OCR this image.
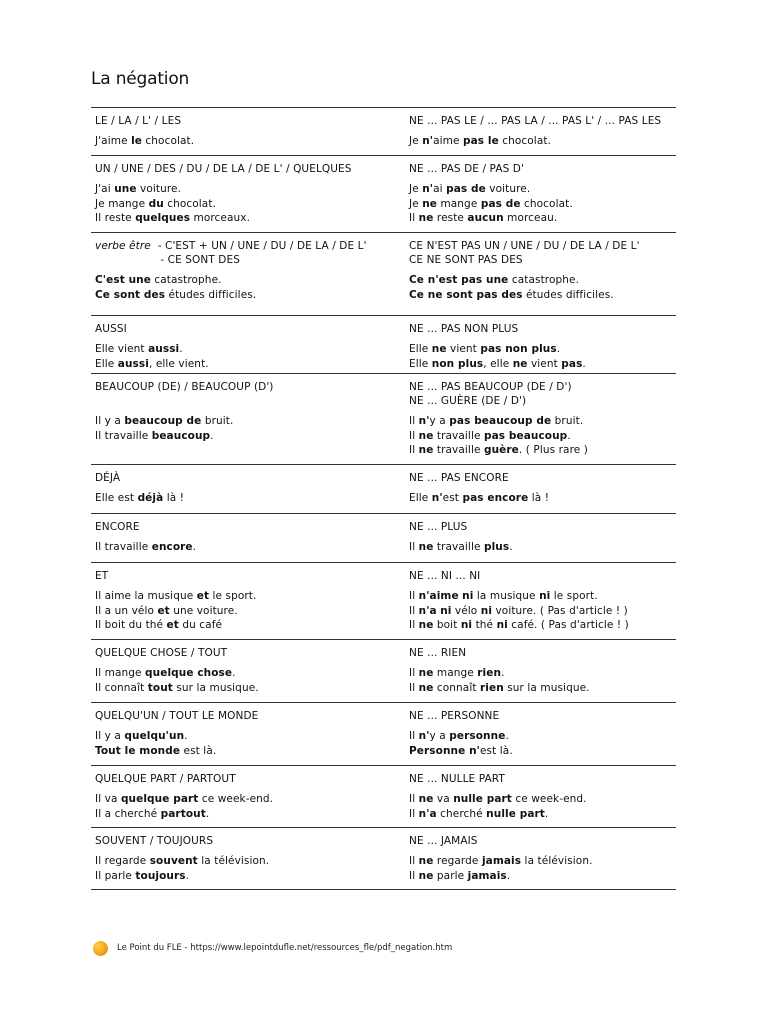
La négation
LE / LA / L' / LES
J'aime le chocolat.
NE ... PAS LE / ... PAS LA / ... PAS L' / ... PAS LES
Je n'aime pas le chocolat.
UN / UNE / DES / DU / DE LA / DE L' / QUELQUES
J'ai une voiture.
Je mange du chocolat.
Il reste quelques morceaux.
NE ... PAS DE / PAS D'
Je n'ai pas de voiture.
Je ne mange pas de chocolat.
Il ne reste aucun morceau.
verbe être  - C'EST + UN / UNE / DU / DE LA / DE L'
- CE SONT DES
C'est une catastrophe.
Ce sont des études difficiles.
CE N'EST PAS UN / UNE / DU / DE LA / DE L'
CE NE SONT PAS DES
Ce n'est pas une catastrophe.
Ce ne sont pas des études difficiles.
AUSSI
Elle vient aussi.
Elle aussi, elle vient.
NE ... PAS NON PLUS
Elle ne vient pas non plus.
Elle non plus, elle ne vient pas.
BEAUCOUP (DE) / BEAUCOUP (D')

Il y a beaucoup de bruit.
Il travaille beaucoup.
NE ... PAS BEAUCOUP (DE / D')
NE ... GUÈRE (DE / D')
Il n'y a pas beaucoup de bruit.
Il ne travaille pas beaucoup.
Il ne travaille guère. ( Plus rare )
DÉJÀ
Elle est déjà là !
NE ... PAS ENCORE
Elle n'est pas encore là !
ENCORE
Il travaille encore.
NE ... PLUS
Il ne travaille plus.
ET
Il aime la musique et le sport.
Il a un vélo et une voiture.
Il boit du thé et du café
NE ... NI ... NI
Il n'aime ni la musique ni le sport.
Il n'a ni vélo ni voiture. ( Pas d'article ! )
Il ne boit ni thé ni café. ( Pas d'article ! )
QUELQUE CHOSE / TOUT
Il mange quelque chose.
Il connaît tout sur la musique.
NE ... RIEN
Il ne mange rien.
Il ne connaît rien sur la musique.
QUELQU'UN / TOUT LE MONDE
Il y a quelqu'un.
Tout le monde est là.
NE ... PERSONNE
Il n'y a personne.
Personne n'est là.
QUELQUE PART / PARTOUT
Il va quelque part ce week-end.
Il a cherché partout.
NE ... NULLE PART
Il ne va nulle part ce week-end.
Il n'a cherché nulle part.
SOUVENT / TOUJOURS
Il regarde souvent la télévision.
Il parle toujours.
NE ... JAMAIS
Il ne regarde jamais la télévision.
Il ne parle jamais.
Le Point du FLE - https://www.lepointdufle.net/ressources_fle/pdf_negation.htm
